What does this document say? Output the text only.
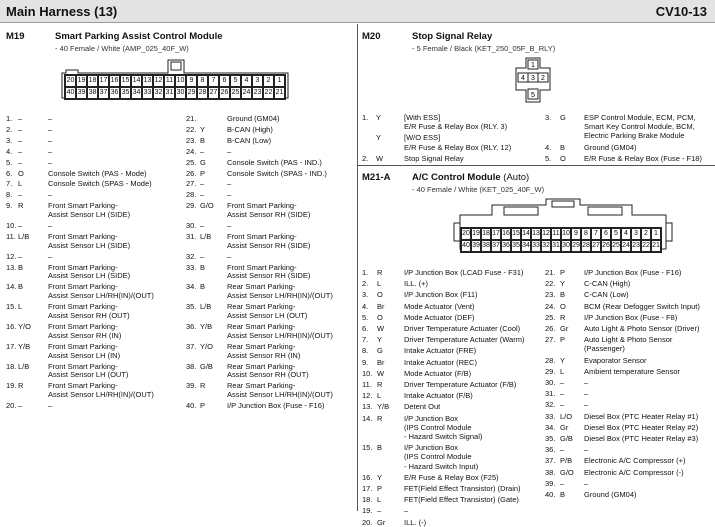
Main Harness (13)	CV10-13
M19	Smart Parking Assist Control Module
- 40 Female / White (AMP_025_40F_W)
20 19 18 17 16 15 14 13 12 11 10 9	8	7	6	5	4	3	2	1
40 39 38 37 36 35 34 33 32 31 30 29 28 27 26 25 24 23 22 21
1. –	–
2. –	–
3. –	–
4. –	–
5. –	–
6. O	Console Switch (PAS - Mode)
7. L	Console Switch (SPAS - Mode)
8. –	–
9. R	Front Smart Parking-
Assist Sensor LH (SIDE)
10. –	–
11. L/B Front Smart Parking-
Assist Sensor LH (SIDE)
12. –	–
13. B	Front Smart Parking-
Assist Sensor LH (SIDE)
14. B	Front Smart Parking-
Assist Sensor LH/RH(IN)/(OUT)
15. L	Front Smart Parking-
Assist Sensor RH (OUT)
16. Y/O Front Smart Parking-
Assist Sensor RH (IN)
17. Y/B Front Smart Parking-
Assist Sensor LH (IN)
18. L/B Front Smart Parking-
Assist Sensor LH (OUT)
19. R	Front Smart Parking-
Assist Sensor LH/RH(IN)/(OUT)
20. –	–
21.	Ground (GM04)
22. Y	B-CAN (High)
23. B	B-CAN (Low)
24. –	–
25. G	Console Switch (PAS - IND.)
26. P	Console Switch (SPAS - IND.)
27. –	–
28. –	–
29. G/O Front Smart Parking-
Assist Sensor RH (SIDE)
30. –	–
31. L/B Front Smart Parking-
Assist Sensor RH (SIDE)
32. –	–
33. B	Front Smart Parking-
Assist Sensor RH (SIDE)
34. B	Rear Smart Parking-
Assist Sensor LH/RH(IN)/(OUT)
35. L/B Rear Smart Parking-
Assist Sensor LH (OUT)
36. Y/B Rear Smart Parking-
Assist Sensor LH/RH(IN)/(OUT)
37. Y/O Rear Smart Parking-
Assist Sensor RH (IN)
38. G/B Rear Smart Parking-
Assist Sensor RH (OUT)
39. R	Rear Smart Parking-
Assist Sensor LH/RH(IN)/(OUT)
40. P	I/P Junction Box (Fuse - F16)
M20	Stop Signal Relay
- 5 Female / Black (KET_250_05F_B_RLY)
1
4 3 2
5
1. Y	[With ESS]
E/R Fuse & Relay Box (RLY. 3)
Y	[W/O ESS]
E/R Fuse & Relay Box (RLY. 12)
2. W	Stop Signal Relay
3. G ESP Control Module, ECM, PCM,
Smart Key Control Module, BCM,
Electric Parking Brake Module
4. B	Ground (GM04)
5. O E/R Fuse & Relay Box (Fuse - F18)
M21-A A/C Control Module (Auto)
- 40 Female / White (KET_025_40F_W)
20 19 18 17 16 15 14 13 12 11 10 9 8 7 6 5 4 3 2 1
40 39 38 37 36 35 34 33 32 31 30 29 28 27 26 25 24 23 22 21
1. R	I/P Junction Box (LCAD Fuse - F31)
2. L	ILL. (+)
3. O	I/P Junction Box (F11)
4. Br	Mode Actuator (Vent)
5. O	Mode Actuator (DEF)
6. W	Driver Temperature Actuater (Cool)
7. Y	Driver Temperature Actuater (Warm)
8. G	Intake Actuator (FRE)
9. Br	Intake Actuator (REC)
10. W	Mode Actuator (F/B)
11. R	Driver Temperature Actuator (F/B)
12. L	Intake Actuator (F/B)
13. Y/B Detent Out
14. R	I/P Junction Box
(IPS Control Module
- Hazard Switch Signal)
15. B	I/P Junction Box
(IPS Control Module
- Hazard Switch Input)
16. Y	E/R Fuse & Relay Box (F25)
17. P	FET(Field Effect Transistor) (Drain)
18. L	FET(Field Effect Transistor) (Gate)
19. –	–
20. Gr ILL. (-)
21. P	I/P Junction Box (Fuse - F16)
22. Y	C-CAN (High)
23. B	C-CAN (Low)
24. O BCM (Rear Defogger Switch Input)
25. R I/P Junction Box (Fuse - F8)
26. Gr Auto Light & Photo Sensor (Driver)
27. P	Auto Light & Photo Sensor
(Passenger)
28. Y	Evaporator Sensor
29. L	Ambient temperature Sensor
30. –	–
31. –	–
32. –	–
33. L/O Diesel Box (PTC Heater Relay #1)
34. Gr Diesel Box (PTC Heater Relay #2)
35. G/B Diesel Box (PTC Heater Relay #3)
36. –	–
37. P/B Electronic A/C Compressor (+)
38. G/O Electronic A/C Compressor (-)
39. –	–
40. B	Ground (GM04)
